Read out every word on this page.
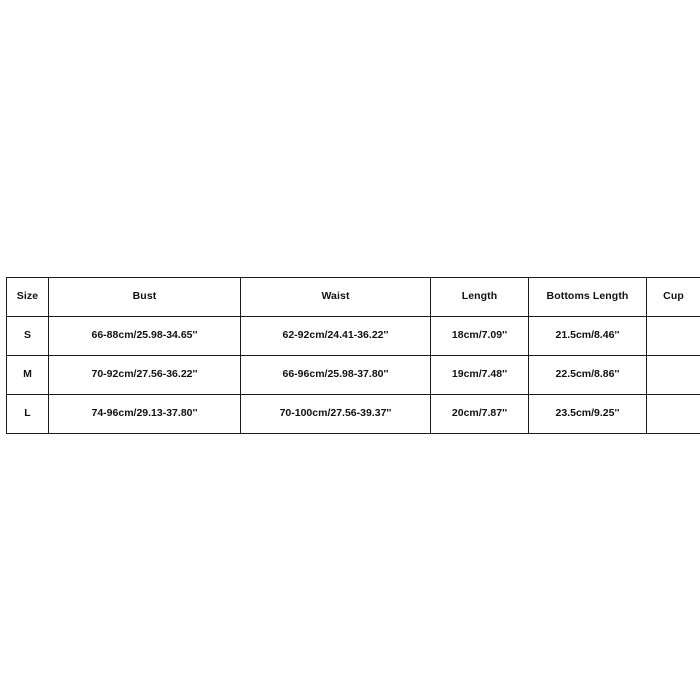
Size	Bust	Waist	Length	Bottoms Length	Cup
S	66-88cm/25.98-34.65''	62-92cm/24.41-36.22''	18cm/7.09''	21.5cm/8.46''	
M	70-92cm/27.56-36.22''	66-96cm/25.98-37.80''	19cm/7.48''	22.5cm/8.86''	
L	74-96cm/29.13-37.80''	70-100cm/27.56-39.37''	20cm/7.87''	23.5cm/9.25''	
